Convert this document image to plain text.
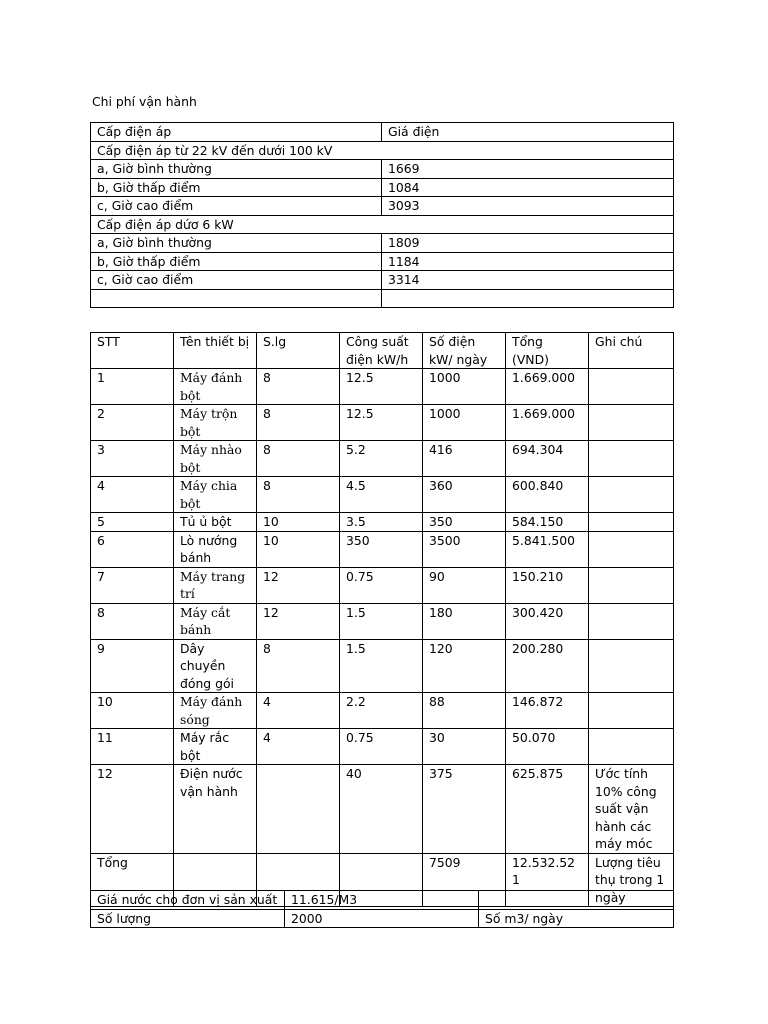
Chi phí vận hành
Cấp điện áp	Giá điện
Cấp điện áp từ 22 kV đến dưới 100 kV	
a, Giờ bình thường	1669
b, Giờ thấp điểm	1084
c, Giờ cao điểm	3093
Cấp điện áp dứơ 6 kW	
a, Giờ bình thường	1809
b, Giờ thấp điểm	1184
c, Giờ cao điểm	3314

STT	Tên thiết bị	S.lg	Công suất điện kW/h	Số điện kW/ ngày	Tổng (VND)	Ghi chú
1	Máy đánh bột	8	12.5	1000	1.669.000	
2	Máy trộn bột	8	12.5	1000	1.669.000	
3	Máy nhào bột	8	5.2	416	694.304	
4	Máy chia bột	8	4.5	360	600.840	
5	Tủ ủ bột	10	3.5	350	584.150	
6	Lò nướng bánh	10	350	3500	5.841.500	
7	Máy trang trí	12	0.75	90	150.210	
8	Máy cắt bánh	12	1.5	180	300.420	
9	Dây chuyền đóng gói	8	1.5	120	200.280	
10	Máy đánh sóng	4	2.2	88	146.872	
11	Máy rắc bột	4	0.75	30	50.070	
12	Điện nước vận hành		40	375	625.875	Ước tính 10% công suất vận hành các máy móc
Tổng				7509	12.532.521	Lượng tiêu thụ trong 1 ngày
Giá nước cho đơn vị sản xuất	11.615/M3	
Số lượng	2000	Số m3/ ngày
